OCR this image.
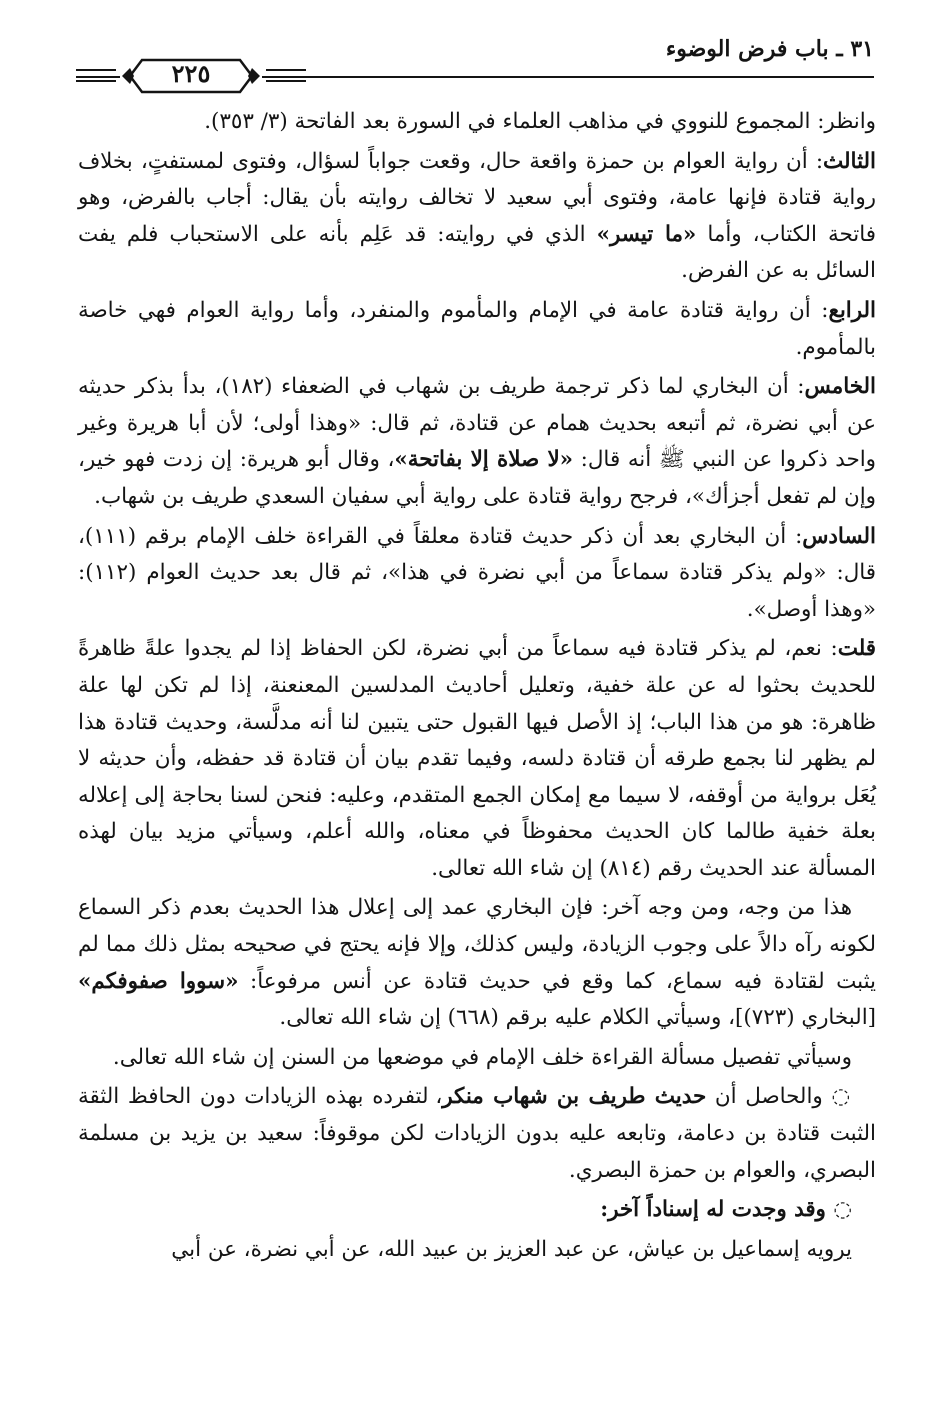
٣١ ـ باب فرض الوضوء
٢٢٥

وانظر: المجموع للنووي في مذاهب العلماء في السورة بعد الفاتحة (٣/ ٣٥٣).

الثالث: أن رواية العوام بن حمزة واقعة حال، وقعت جواباً لسؤال، وفتوى لمستفتٍ، بخلاف رواية قتادة فإنها عامة، وفتوى أبي سعيد لا تخالف روايته بأن يقال: أجاب بالفرض، وهو فاتحة الكتاب، وأما «ما تيسر» الذي في روايته: قد عَلِم بأنه على الاستحباب فلم يفت السائل به عن الفرض.

الرابع: أن رواية قتادة عامة في الإمام والمأموم والمنفرد، وأما رواية العوام فهي خاصة بالمأموم.

الخامس: أن البخاري لما ذكر ترجمة طريف بن شهاب في الضعفاء (١٨٢)، بدأ بذكر حديثه عن أبي نضرة، ثم أتبعه بحديث همام عن قتادة، ثم قال: «وهذا أولى؛ لأن أبا هريرة وغير واحد ذكروا عن النبي ﷺ أنه قال: «لا صلاة إلا بفاتحة»، وقال أبو هريرة: إن زدت فهو خير، وإن لم تفعل أجزأك»، فرجح رواية قتادة على رواية أبي سفيان السعدي طريف بن شهاب.

السادس: أن البخاري بعد أن ذكر حديث قتادة معلقاً في القراءة خلف الإمام برقم (١١١)، قال: «ولم يذكر قتادة سماعاً من أبي نضرة في هذا»، ثم قال بعد حديث العوام (١١٢): «وهذا أوصل».

قلت: نعم، لم يذكر قتادة فيه سماعاً من أبي نضرة، لكن الحفاظ إذا لم يجدوا علةً ظاهرةً للحديث بحثوا له عن علة خفية، وتعليل أحاديث المدلسين المعنعنة، إذا لم تكن لها علة ظاهرة: هو من هذا الباب؛ إذ الأصل فيها القبول حتى يتبين لنا أنه مدلَّسة، وحديث قتادة هذا لم يظهر لنا بجمع طرقه أن قتادة دلسه، وفيما تقدم بيان أن قتادة قد حفظه، وأن حديثه لا يُعَل برواية من أوقفه، لا سيما مع إمكان الجمع المتقدم، وعليه: فنحن لسنا بحاجة إلى إعلاله بعلة خفية طالما كان الحديث محفوظاً في معناه، والله أعلم، وسيأتي مزيد بيان لهذه المسألة عند الحديث رقم (٨١٤) إن شاء الله تعالى.

هذا من وجه، ومن وجه آخر: فإن البخاري عمد إلى إعلال هذا الحديث بعدم ذكر السماع لكونه رآه دالاً على وجوب الزيادة، وليس كذلك، وإلا فإنه يحتج في صحيحه بمثل ذلك مما لم يثبت لقتادة فيه سماع، كما وقع في حديث قتادة عن أنس مرفوعاً: «سووا صفوفكم» [البخاري (٧٢٣)]، وسيأتي الكلام عليه برقم (٦٦٨) إن شاء الله تعالى.

وسيأتي تفصيل مسألة القراءة خلف الإمام في موضعها من السنن إن شاء الله تعالى.

◌ والحاصل أن حديث طريف بن شهاب منكر، لتفرده بهذه الزيادات دون الحافظ الثقة الثبت قتادة بن دعامة، وتابعه عليه بدون الزيادات لكن موقوفاً: سعيد بن يزيد بن مسلمة البصري، والعوام بن حمزة البصري.

◌ وقد وجدت له إسناداً آخر:

يرويه إسماعيل بن عياش، عن عبد العزيز بن عبيد الله، عن أبي نضرة، عن أبي
